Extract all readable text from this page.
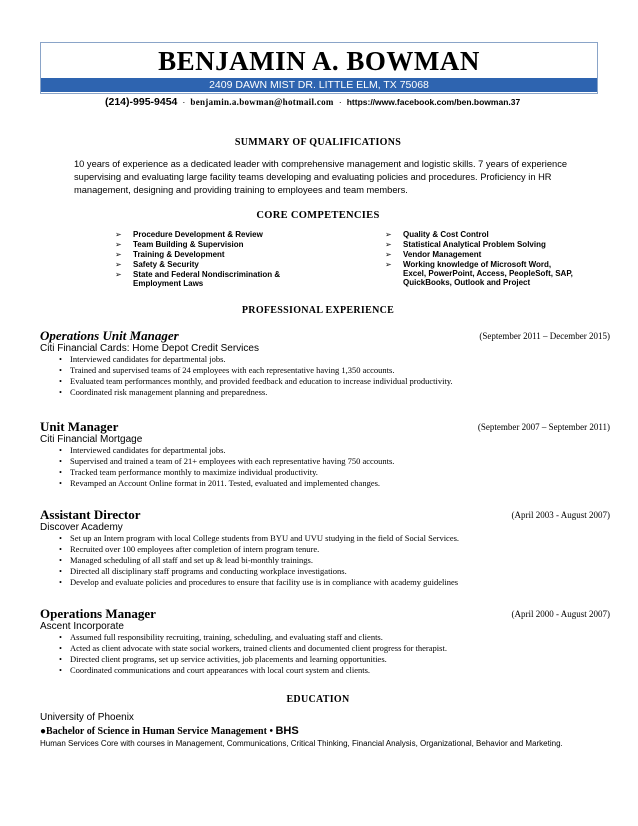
BENJAMIN A. BOWMAN
2409 DAWN MIST DR. LITTLE ELM, TX 75068
(214)-995-9454 · benjamin.a.bowman@hotmail.com · https://www.facebook.com/ben.bowman.37
SUMMARY OF QUALIFICATIONS
10 years of experience as a dedicated leader with comprehensive management and logistic skills. 7 years of experience supervising and evaluating large facility teams developing and evaluating policies and procedures. Proficiency in HR management, designing and providing training to employees and team members.
CORE COMPETENCIES
➢ Procedure Development & Review
➢ Team Building & Supervision
➢ Training & Development
➢ Safety & Security
➢ State and Federal Nondiscrimination & Employment Laws
➢ Quality & Cost Control
➢ Statistical Analytical Problem Solving
➢ Vendor Management
➢ Working knowledge of Microsoft Word, Excel, PowerPoint, Access, PeopleSoft, SAP, QuickBooks, Outlook and Project
PROFESSIONAL EXPERIENCE
Operations Unit Manager	(September 2011 – December 2015)
Citi Financial Cards: Home Depot Credit Services
• Interviewed candidates for departmental jobs.
• Trained and supervised teams of 24 employees with each representative having 1,350 accounts.
• Evaluated team performances monthly, and provided feedback and education to increase individual productivity.
• Coordinated risk management planning and preparedness.
Unit Manager	(September 2007 – September 2011)
Citi Financial Mortgage
• Interviewed candidates for departmental jobs.
• Supervised and trained a team of 21+ employees with each representative having 750 accounts.
• Tracked team performance monthly to maximize individual productivity.
• Revamped an Account Online format in 2011. Tested, evaluated and implemented changes.
Assistant Director	(April 2003 - August 2007)
Discover Academy
• Set up an Intern program with local College students from BYU and UVU studying in the field of Social Services.
• Recruited over 100 employees after completion of intern program tenure.
• Managed scheduling of all staff and set up & lead bi-monthly trainings.
• Directed all disciplinary staff programs and conducting workplace investigations.
• Develop and evaluate policies and procedures to ensure that facility use is in compliance with academy guidelines
Operations Manager	(April 2000 - August 2007)
Ascent Incorporate
• Assumed full responsibility recruiting, training, scheduling, and evaluating staff and clients.
• Acted as client advocate with state social workers, trained clients and documented client progress for therapist.
• Directed client programs, set up service activities, job placements and learning opportunities.
• Coordinated communications and court appearances with local court system and clients.
EDUCATION
University of Phoenix
●Bachelor of Science in Human Service Management • BHS
Human Services Core with courses in Management, Communications, Critical Thinking, Financial Analysis, Organizational, Behavior and Marketing.
